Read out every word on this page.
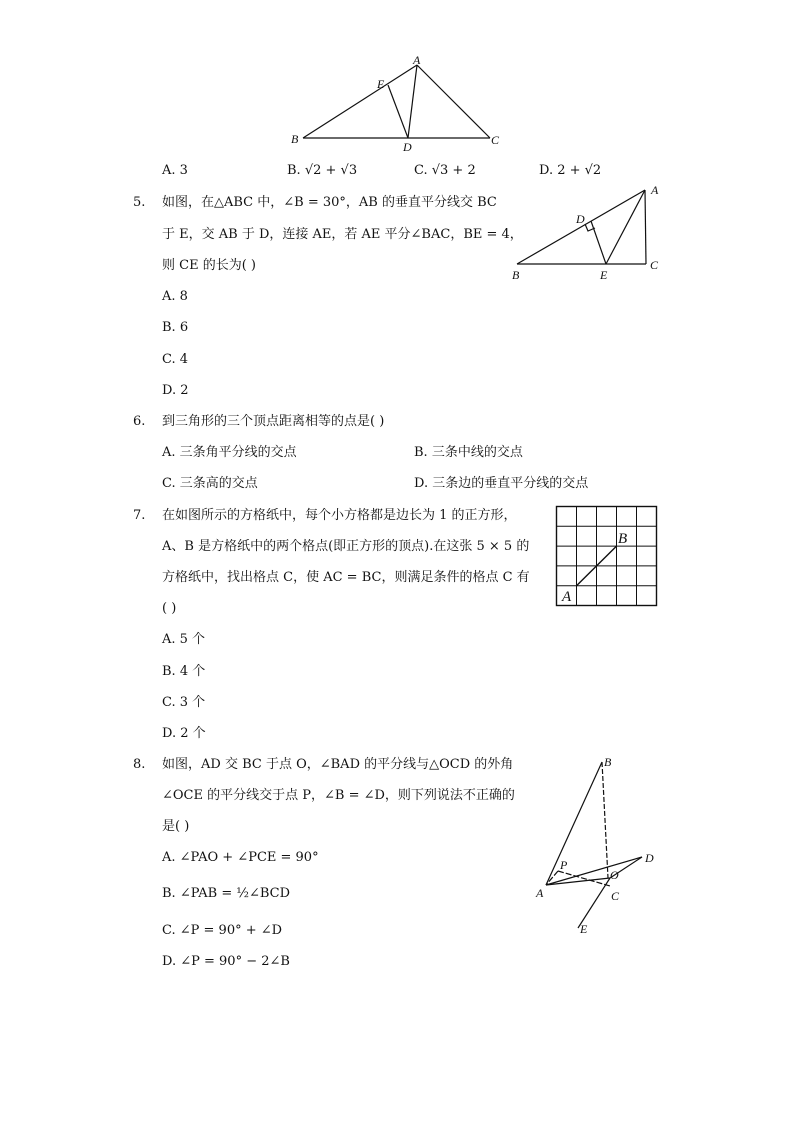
A
E
B
D	C
A. 3	B. √2 + √3	C. √3 + 2	D. 2 + √2
5. 如图，在△ABC 中，∠B = 30°，AB 的垂直平分线交 BC
于 E，交 AB 于 D，连接 AE，若 AE 平分∠BAC，BE = 4，
则 CE 的长为( )
A. 8
B. 6
C. 4
D. 2
A
D
B	E
C
6. 到三角形的三个顶点距离相等的点是( )
A. 三条角平分线的交点	B. 三条中线的交点
C. 三条高的交点	D. 三条边的垂直平分线的交点
7. 在如图所示的方格纸中，每个小方格都是边长为 1 的正方形，
A、B 是方格纸中的两个格点(即正方形的顶点).在这张 5 × 5 的
方格纸中，找出格点 C，使 AC = BC，则满足条件的格点 C 有
( )
A. 5 个
B. 4 个
C. 3 个
D. 2 个
A
B
8. 如图，AD 交 BC 于点 O，∠BAD 的平分线与△OCD 的外角
∠OCE 的平分线交于点 P，∠B = ∠D，则下列说法不正确的
是( )
A. ∠PAO + ∠PCE = 90°
B. ∠PAB = ½∠BCD
C. ∠P = 90° + ∠D
D. ∠P = 90° − 2∠B
B
P	D
O
A	C
E
